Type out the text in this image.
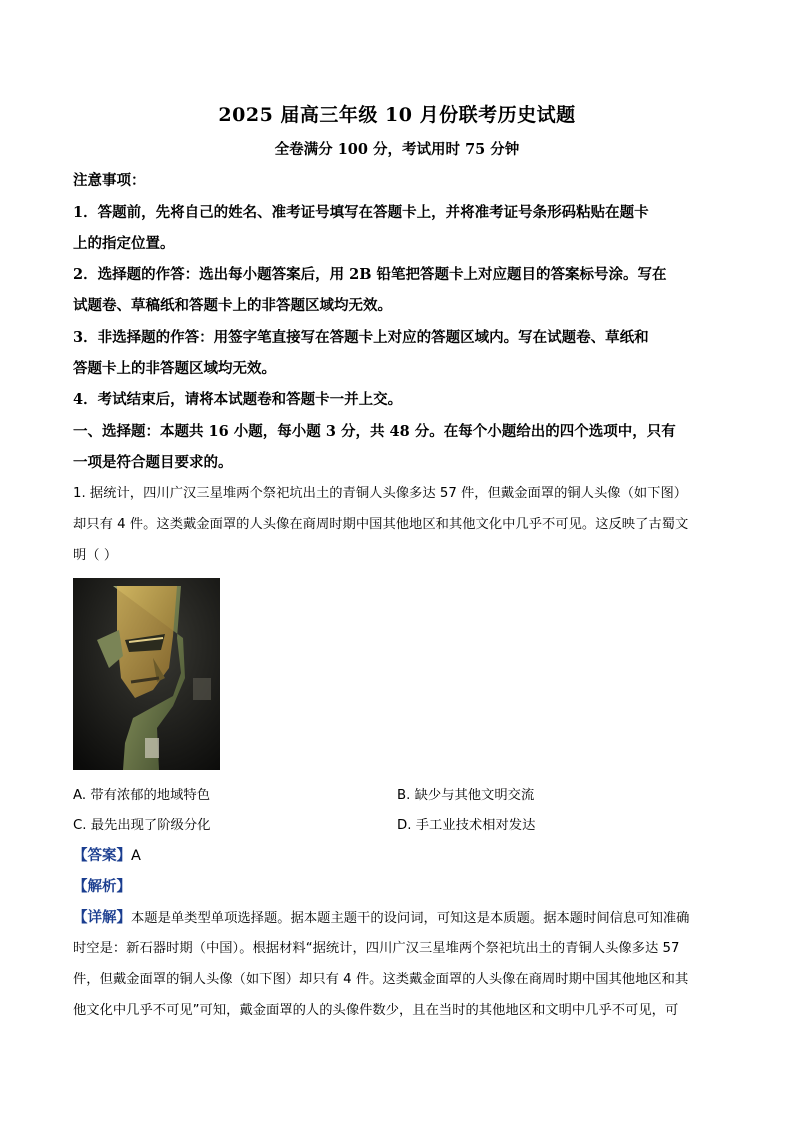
2025 届高三年级 10 月份联考历史试题
全卷满分 100 分，考试用时 75 分钟
注意事项：
1．答题前，先将自己的姓名、准考证号填写在答题卡上，并将准考证号条形码粘贴在题卡
上的指定位置。
2．选择题的作答：选出每小题答案后，用 2B 铅笔把答题卡上对应题目的答案标号涂。写在
试题卷、草稿纸和答题卡上的非答题区域均无效。
3．非选择题的作答：用签字笔直接写在答题卡上对应的答题区域内。写在试题卷、草纸和
答题卡上的非答题区域均无效。
4．考试结束后，请将本试题卷和答题卡一并上交。
一、选择题：本题共 16 小题，每小题 3 分，共 48 分。在每个小题给出的四个选项中，只有
一项是符合题目要求的。
1. 据统计，四川广汉三星堆两个祭祀坑出土的青铜人头像多达 57 件，但戴金面罩的铜人头像（如下图）
却只有 4 件。这类戴金面罩的人头像在商周时期中国其他地区和其他文化中几乎不可见。这反映了古蜀文
明（ ）
A. 带有浓郁的地域特色	B. 缺少与其他文明交流
C. 最先出现了阶级分化	D. 手工业技术相对发达
【答案】A
【解析】
【详解】本题是单类型单项选择题。据本题主题干的设问词，可知这是本质题。据本题时间信息可知准确
时空是：新石器时期（中国）。根据材料“据统计，四川广汉三星堆两个祭祀坑出土的青铜人头像多达 57
件，但戴金面罩的铜人头像（如下图）却只有 4 件。这类戴金面罩的人头像在商周时期中国其他地区和其
他文化中几乎不可见”可知，戴金面罩的人的头像件数少，且在当时的其他地区和文明中几乎不可见，可
